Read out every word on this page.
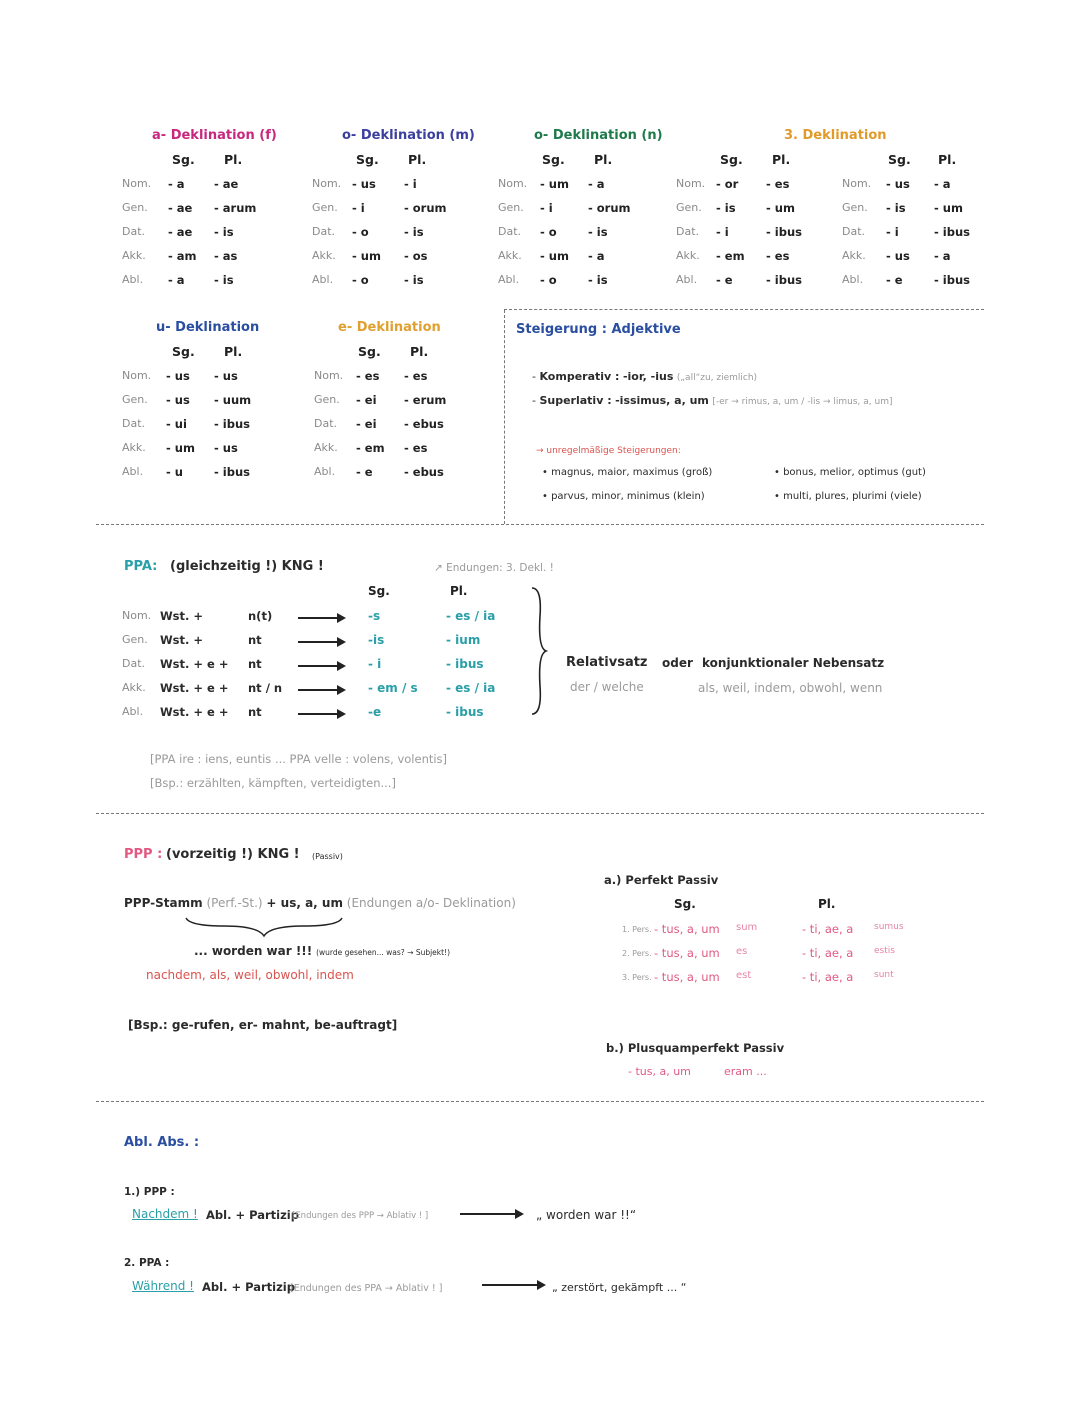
a- Deklination (f)
Sg. Pl.
Nom. - a	- ae
Gen. - ae - arum
Dat. - ae - is
Akk. - am - as
Abl. - a	- is
o- Deklination (m)
Sg. Pl.
Nom. - us - i
Gen. - i	- orum
Dat. - o	- is
Akk. - um - os
Abl. - o	- is
o- Deklination (n)
Sg. Pl.
Nom. - um - a
Gen. - i	- orum
Dat. - o	- is
Akk. - um - a
Abl. - o	- is
3. Deklination
Sg. Pl.
Nom. - or - es
Gen. - is	- um
Dat. - i	- ibus
Akk. - em - es
Abl. - e	- ibus
Sg. Pl.
Nom. - us - a
Gen. - is - um
Dat. - i	- ibus
Akk. - us - a
Abl. - e	- ibus
u- Deklination
Sg. Pl.
Nom. - us - us
Gen. - us - uum
Dat. - ui - ibus
Akk. - um - us
Abl. - u	- ibus
e- Deklination
Sg. Pl.
Nom. - es - es
Gen. - ei - erum
Dat. - ei - ebus
Akk. - em - es
Abl. - e	- ebus
Steigerung : Adjektive
- Komperativ : -ior, -ius („all“zu, ziemlich)
- Superlativ : -issimus, a, um [-er → rimus, a, um / -lis → limus, a, um]
→ unregelmäßige Steigerungen:
• magnus, maior, maximus (groß)
• parvus, minor, minimus (klein)
• bonus, melior, optimus (gut)
• multi, plures, plurimi (viele)
PPA: (gleichzeitig !) KNG !	↗ Endungen: 3. Dekl. !
Sg.	Pl.
Nom. Wst. +	n(t)	-s	- es / ia
Gen. Wst. +	nt	-is	- ium
Dat. Wst. + e + nt	- i	- ibus
Akk. Wst. + e + nt / n	- em / s - es / ia
Abl. Wst. + e + nt	-e	- ibus
Relativsatz oder konjunktionaler Nebensatz
der / welche	als, weil, indem, obwohl, wenn
[PPA ire : iens, euntis ... PPA velle : volens, volentis]
[Bsp.: erzählten, kämpften, verteidigten...]
PPP : (vorzeitig !) KNG ! (Passiv)
PPP-Stamm (Perf.-St.) + us, a, um (Endungen a/o- Deklination)
... worden war !!! (wurde gesehen... was? → Subjekt!)
nachdem, als, weil, obwohl, indem
[Bsp.: ge-rufen, er- mahnt, be-auftragt]
a.) Perfekt Passiv
Sg.	Pl.
1. Pers. - tus, a, um sum	- ti, ae, a sumus
2. Pers. - tus, a, um es	- ti, ae, a estis
3. Pers. - tus, a, um est	- ti, ae, a sunt
b.) Plusquamperfekt Passiv
- tus, a, um	eram ...
Abl. Abs. :
1.) PPP :
Nachdem ! Abl. + Partizip
[Endungen des PPP → Ablativ ! ]	„ worden war !!“
2. PPA :
Während ! Abl. + Partizip
[Endungen des PPA → Ablativ ! ]	„ zerstört, gekämpft ... “
